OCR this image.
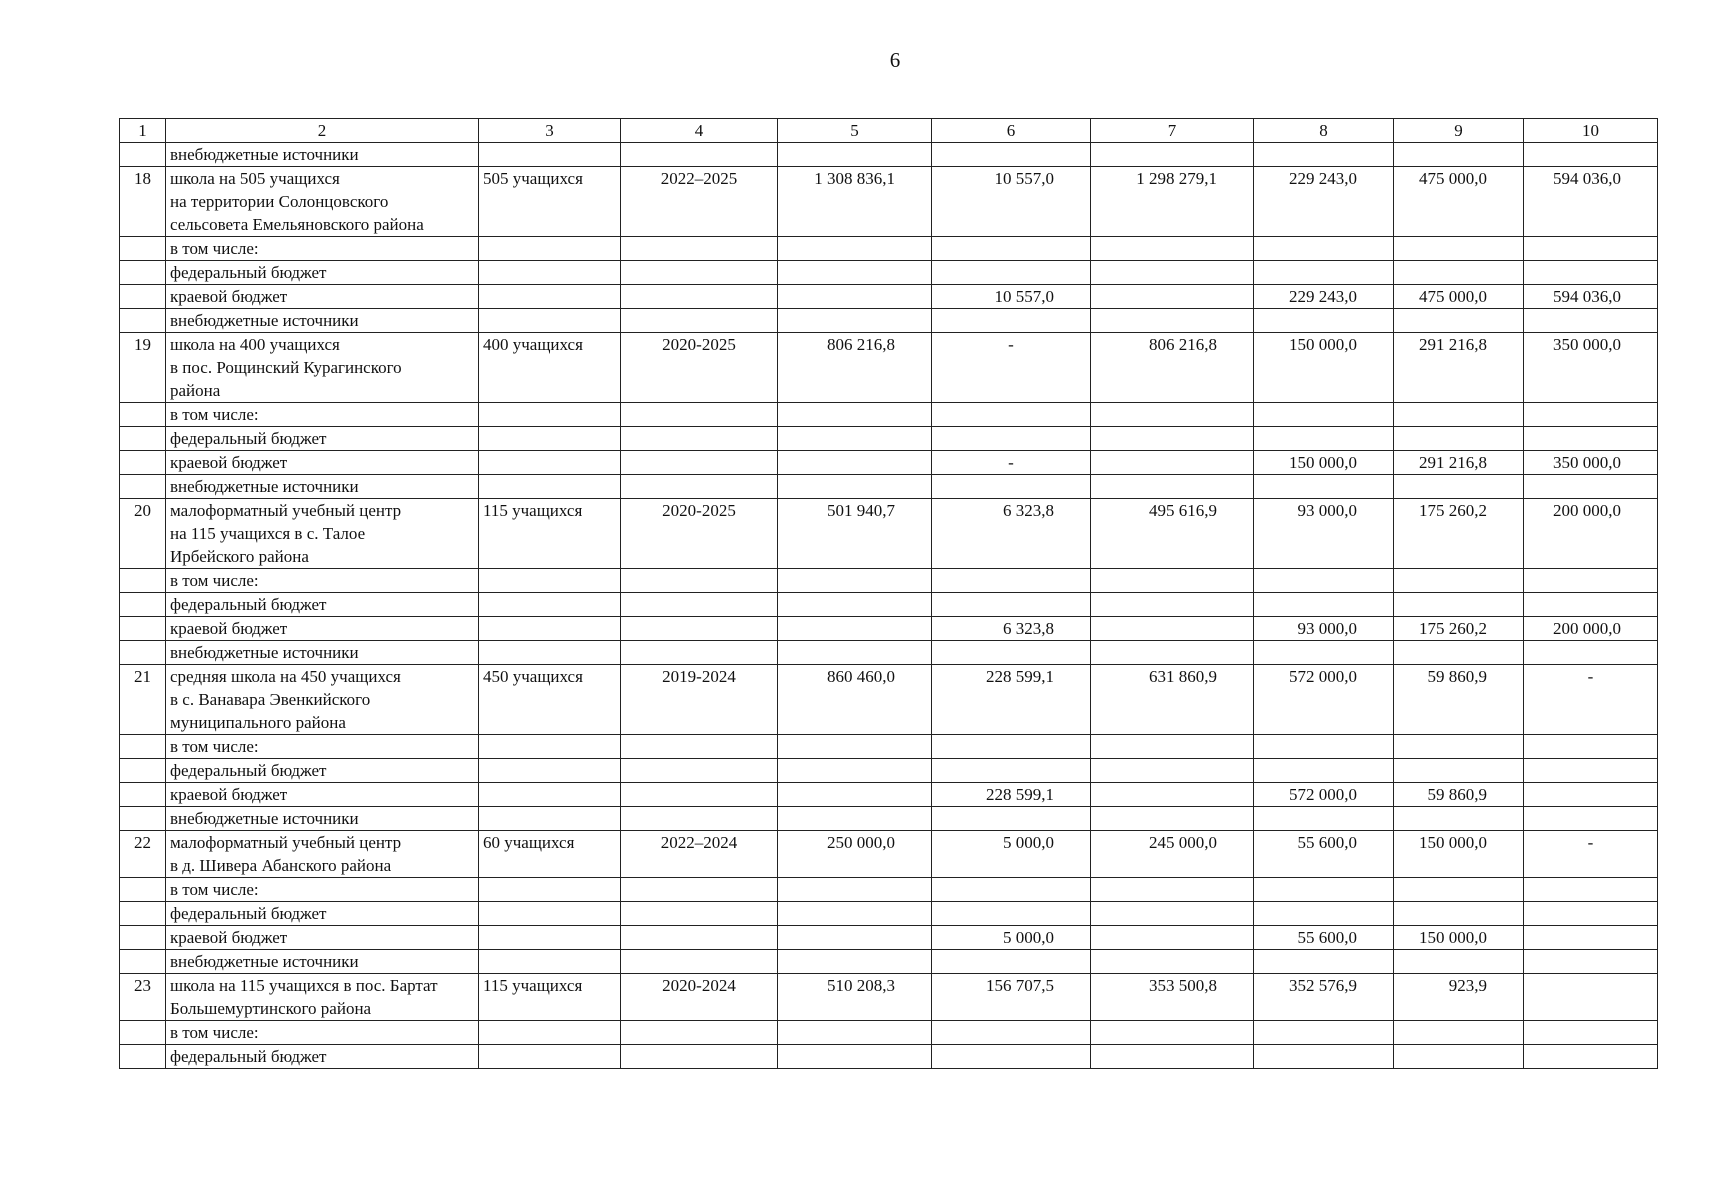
6
1	2	3	4	5	6	7	8	9	10

	внебюджетные источники								

18	школа на 505 учащихся
на территории Солонцовского
сельсовета Емельяновского района	505 учащихся	2022–2025	1 308 836,1	10 557,0	1 298 279,1	229 243,0	475 000,0	594 036,0

	в том числе:								

	федеральный бюджет								

	краевой бюджет				10 557,0		229 243,0	475 000,0	594 036,0

	внебюджетные источники								

19	школа на 400 учащихся
в пос. Рощинский Курагинского
района	400 учащихся	2020-2025	806 216,8	-	806 216,8	150 000,0	291 216,8	350 000,0

	в том числе:								

	федеральный бюджет								

	краевой бюджет				-		150 000,0	291 216,8	350 000,0

	внебюджетные источники								

20	малоформатный учебный центр
на 115 учащихся в с. Талое
Ирбейского района	115 учащихся	2020-2025	501 940,7	6 323,8	495 616,9	93 000,0	175 260,2	200 000,0

	в том числе:								

	федеральный бюджет								

	краевой бюджет				6 323,8		93 000,0	175 260,2	200 000,0

	внебюджетные источники								

21	средняя школа на 450 учащихся
в с. Ванавара Эвенкийского
муниципального района	450 учащихся	2019-2024	860 460,0	228 599,1	631 860,9	572 000,0	59 860,9	-

	в том числе:								

	федеральный бюджет								

	краевой бюджет				228 599,1		572 000,0	59 860,9	

	внебюджетные источники								

22	малоформатный учебный центр
в д. Шивера Абанского района	60 учащихся	2022–2024	250 000,0	5 000,0	245 000,0	55 600,0	150 000,0	-

	в том числе:								

	федеральный бюджет								

	краевой бюджет				5 000,0		55 600,0	150 000,0	

	внебюджетные источники								

23	школа на 115 учащихся в пос. Бартат
Большемуртинского района	115 учащихся	2020-2024	510 208,3	156 707,5	353 500,8	352 576,9	923,9	

	в том числе:								

	федеральный бюджет								
